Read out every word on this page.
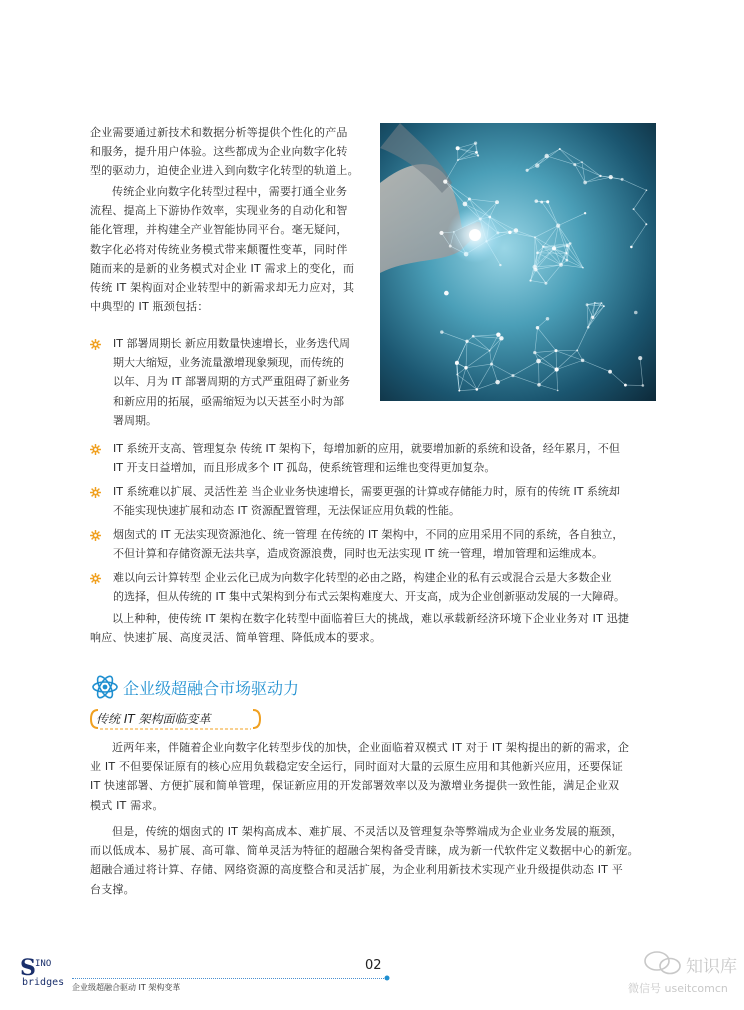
企业需要通过新技术和数据分析等提供个性化的产品
和服务，提升用户体验。这些都成为企业向数字化转
型的驱动力，迫使企业进入到向数字化转型的轨道上。
传统企业向数字化转型过程中，需要打通全业务
流程、提高上下游协作效率，实现业务的自动化和智
能化管理，并构建全产业智能协同平台。毫无疑问，
数字化必将对传统业务模式带来颠覆性变革，同时伴
随而来的是新的业务模式对企业 IT 需求上的变化，而
传统 IT 架构面对企业转型中的新需求却无力应对，其
中典型的 IT 瓶颈包括：
IT 部署周期长 新应用数量快速增长，业务迭代周
期大大缩短，业务流量激增现象频现，而传统的
以年、月为 IT 部署周期的方式严重阻碍了新业务
和新应用的拓展，亟需缩短为以天甚至小时为部
署周期。
IT 系统开支高、管理复杂 传统 IT 架构下，每增加新的应用，就要增加新的系统和设备，经年累月，不但
IT 开支日益增加，而且形成多个 IT 孤岛，使系统管理和运维也变得更加复杂。
IT 系统难以扩展、灵活性差 当企业业务快速增长，需要更强的计算或存储能力时，原有的传统 IT 系统却
不能实现快速扩展和动态 IT 资源配置管理，无法保证应用负载的性能。
烟囱式的 IT 无法实现资源池化、统一管理 在传统的 IT 架构中，不同的应用采用不同的系统，各自独立，
不但计算和存储资源无法共享，造成资源浪费，同时也无法实现 IT 统一管理，增加管理和运维成本。
难以向云计算转型 企业云化已成为向数字化转型的必由之路，构建企业的私有云或混合云是大多数企业
的选择，但从传统的 IT 集中式架构到分布式云架构难度大、开支高，成为企业创新驱动发展的一大障碍。
以上种种，使传统 IT 架构在数字化转型中面临着巨大的挑战，难以承载新经济环境下企业业务对 IT 迅捷
响应、快速扩展、高度灵活、简单管理、降低成本的要求。
企业级超融合市场驱动力
传统 IT 架构面临变革
近两年来，伴随着企业向数字化转型步伐的加快，企业面临着双模式 IT 对于 IT 架构提出的新的需求，企
业 IT 不但要保证原有的核心应用负载稳定安全运行，同时面对大量的云原生应用和其他新兴应用，还要保证
IT 快速部署、方便扩展和简单管理，保证新应用的开发部署效率以及为激增业务提供一致性能，满足企业双
模式 IT 需求。
但是，传统的烟囱式的 IT 架构高成本、难扩展、不灵活以及管理复杂等弊端成为企业业务发展的瓶颈，
而以低成本、易扩展、高可靠、简单灵活为特征的超融合架构备受青睐，成为新一代软件定义数据中心的新宠。
超融合通过将计算、存储、网络资源的高度整合和灵活扩展，为企业利用新技术实现产业升级提供动态 IT 平
台支撑。
S INO
bridges
02
企业级超融合驱动 IT 架构变革
知识库
微信号 useitcomcn
